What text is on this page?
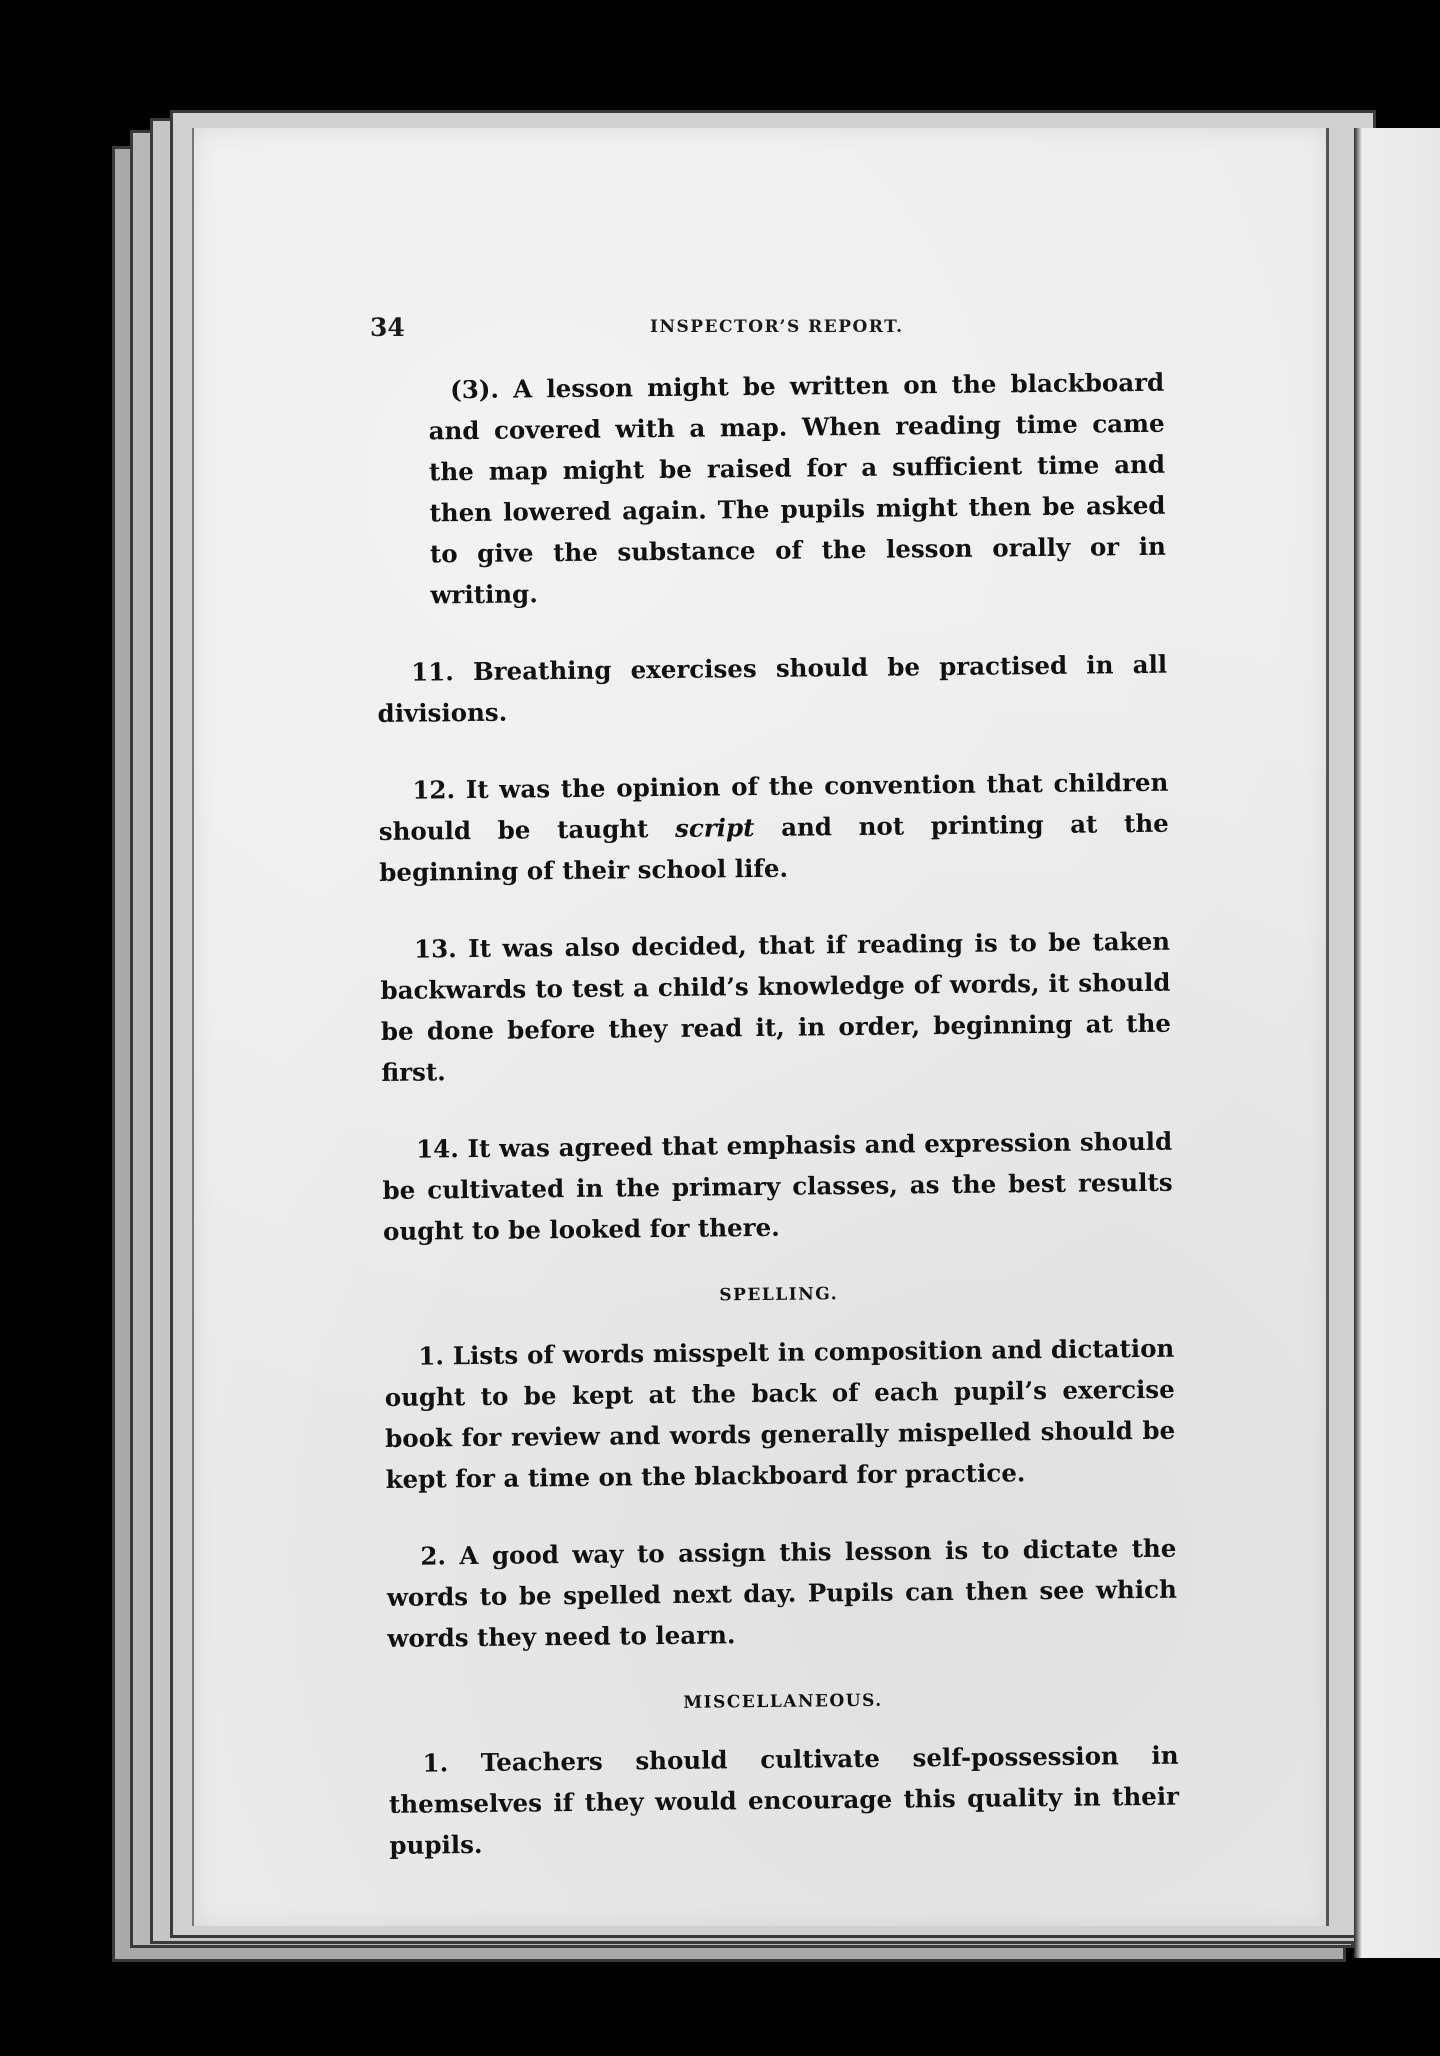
34	INSPECTOR’S REPORT.

(3). A lesson might be written on the blackboard and covered with a map. When reading time came the map might be raised for a sufficient time and then lowered again. The pupils might then be asked to give the substance of the lesson orally or in writing.

11. Breathing exercises should be practised in all divisions.

12. It was the opinion of the convention that children should be taught script and not printing at the beginning of their school life.

13. It was also decided, that if reading is to be taken backwards to test a child’s knowledge of words, it should be done before they read it, in order, beginning at the first.

14. It was agreed that emphasis and expression should be cultivated in the primary classes, as the best results ought to be looked for there.

SPELLING.

1. Lists of words misspelt in composition and dictation ought to be kept at the back of each pupil’s exercise book for review and words generally mispelled should be kept for a time on the blackboard for practice.

2. A good way to assign this lesson is to dictate the words to be spelled next day. Pupils can then see which words they need to learn.

MISCELLANEOUS.

1. Teachers should cultivate self-possession in themselves if they would encourage this quality in their pupils.
